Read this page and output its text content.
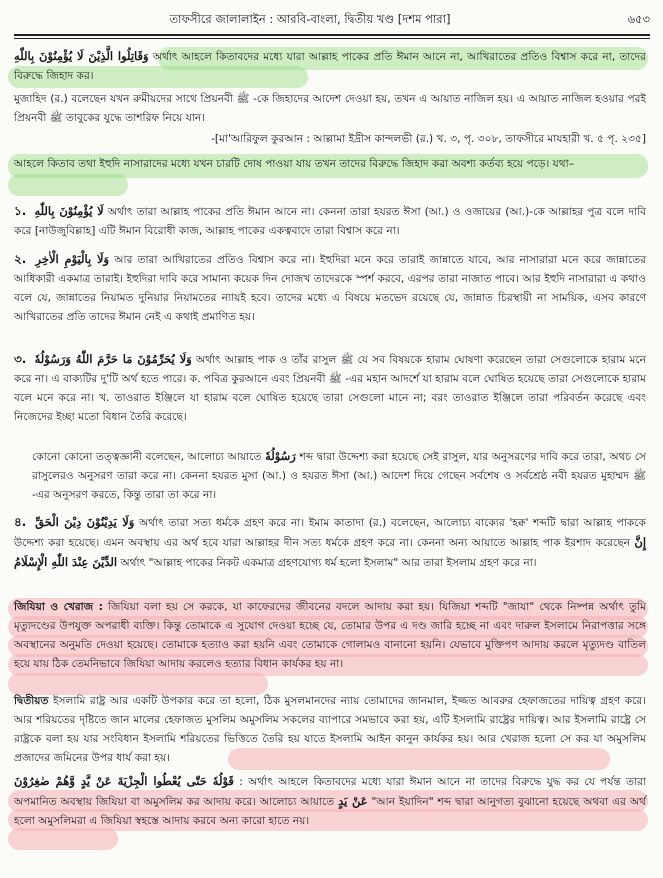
তাফসীরে জালালাইন : আরবি-বাংলা, দ্বিতীয় খণ্ড [দশম পারা]	৬৫৩

وَقَاتِلُوا الَّذِيْنَ لَا يُؤْمِنُوْنَ بِاللّٰهِ অর্থাৎ আহলে কিতাবদের মধ্যে যারা আল্লাহ পাকের প্রতি ঈমান আনে না, আখিরাতের প্রতিও বিশ্বাস করে না, তাদের বিরুদ্ধে জিহাদ কর।

মুজাহিদ (র.) বলেছেন যখন রুমীয়দের সাথে প্রিয়নবী ﷺ -কে জিহাদের আদেশ দেওয়া হয়, তখন এ আয়াত নাজিল হয়। এ আয়াত নাজিল হওয়ার পরই প্রিয়নবী ﷺ তাবুকের যুদ্ধে তাশরিফ নিয়ে যান।

-[মা'আরিফুল কুরআন : আল্লামা ইদ্রীস কান্দলভী (র.) খ. ৩, পৃ. ৩০৮, তাফসীরে মাযহারী খ. ৫ পৃ. ২৩৫]

আহলে কিতাব তথা ইহুদি নাসারাদের মধ্যে যখন চারটি দোষ পাওয়া যায় তখন তাদের বিরুদ্ধে জিহাদ করা অবশ্য কর্তব্য হয়ে পড়ে। যথা–

১. لَا يُؤْمِنُوْنَ بِاللّٰهِ অর্থাৎ তারা আল্লাহ পাকের প্রতি ঈমান আনে না। কেননা তারা হযরত ঈসা (আ.) ও ওজায়ের (আ.)-কে আল্লাহর পুত্র বলে দাবি করে [নাউজুবিল্লাহ] এটি ঈমান বিরোধী কাজ, আল্লাহ পাকের একত্ববাদে তারা বিশ্বাস করে না।

২. وَلَا بِالْيَوْمِ الْاٰخِرِ আর তারা আখিরাতের প্রতিও বিশ্বাস করে না। ইহুদিরা মনে করে তারাই জান্নাতে যাবে, আর নাসারারা মনে করে জান্নাতের আধিকারী একমাত্র তারাই। ইহুদিরা দাবি করে সামান্য কয়েক দিন দোজখ তাদেরকে স্পর্শ করবে, এরপর তারা নাজাত পাবে। আর ইহুদি নাসারারা এ কথাও বলে যে, জান্নাতের নিয়ামত দুনিয়ার নিয়ামতের ন্যায়ই হবে। তাদের মধ্যে এ বিষয়ে মতভেদ রয়েছে যে, জান্নাত চিরস্থায়ী না সাময়িক, এসব কারণে আখিরাতের প্রতি তাদের ঈমান নেই এ কথাই প্রমাণিত হয়।

৩. وَلَا يُحَرِّمُوْنَ مَا حَرَّمَ اللّٰهُ وَرَسُوْلُهٗ অর্থাৎ আল্লাহ পাক ও তাঁর রাসুল ﷺ যে সব বিষয়কে হারাম ঘোষণা করেছেন তারা সেগুলোকে হারাম মনে করে না। এ বাক্যটির দু'টি অর্থ হতে পারে। ক. পবিত্র কুরআনে এবং প্রিয়নবী ﷺ -এর মহান আদর্শে যা হারাম বলে ঘোষিত হয়েছে তারা সেগুলোকে হারাম বলে মনে করে না। খ. তাওরাত ইঞ্জিলে যা হারাম বলে ঘোষিত হয়েছে তারা সেগুলো মানে না; বরং তাওরাত ইঞ্জিলে তারা পরিবর্তন করেছে এবং নিজেদের ইচ্ছা মতো বিধান তৈরি করেছে।

কোনো কোনো তত্ত্বজ্ঞানী বলেছেন, আলোচ্য আয়াতে رَسُوْلُهٗ শব্দ দ্বারা উদ্দেশ্য করা হয়েছে সেই রাসুল, যার অনুসরণের দাবি করে তারা, অথচ সে রাসুলেরও অনুসরণ তারা করে না। কেননা হযরত মুসা (আ.) ও হযরত ঈসা (আ.) আদেশ দিয়ে গেছেন সর্বশেষ ও সর্বশ্রেষ্ঠ নবী হযরত মুহাম্মদ ﷺ -এর অনুসরণ করতে, কিন্তু তারা তা করে না।

৪. وَلَا يَدِيْنُوْنَ دِيْنَ الْحَقِّ অর্থাৎ তারা সত্য ধর্মকে গ্রহণ করে না। ইমাম কাতাদা (র.) বলেছেন, আলোচ্য বাক্যের 'হক্ব' শব্দটি দ্বারা আল্লাহ পাককে উদ্দেশ্য করা হয়েছে। এমন অবস্থায় এর অর্থ হবে যারা আল্লাহর দীন সত্য ধর্মকে গ্রহণ করে না। কেননা অন্য আয়াতে আল্লাহ পাক ইরশাদ করেছেন إِنَّ الدِّيْنَ عِنْدَ اللّٰهِ الْإِسْلَامُ অর্থাৎ "আল্লাহ পাকের নিকট একমাত্র গ্রহণযোগ্য ধর্ম হলো ইসলাম" আর তারা ইসলাম গ্রহণ করে না।

জিযিয়া ও খেরাজ : জিযিয়া বলা হয় সে করকে, যা কাফেরদের জীবনের বদলে আদায় করা হয়। যিজিয়া শব্দটি "জাযা" থেকে নিষ্পন্ন অর্থাৎ তুমি মৃত্যুদণ্ডের উপযুক্ত অপরাধী ব্যক্তি। কিন্তু তোমাকে এ সুযোগ দেওয়া হচ্ছে যে, তোমার উপর এ দণ্ড জারি হচ্ছে না এবং দারুল ইসলামে নিরাপত্তার সঙ্গে অবস্থানের অনুমতি দেওয়া হয়েছে। তোমাকে হত্যাও করা হয়নি এবং তোমাকে গোলামও বানানো হয়নি। যেভাবে মুক্তিপণ আদায় করলে মৃত্যুদণ্ড বাতিল হয়ে যায় ঠিক তেমনিভাবে জিযিয়া আদায় করলেও হত্যার বিধান কার্যকর হয় না।

দ্বিতীয়ত ইসলামি রাষ্ট্র আর একটি উপকার করে তা হলো, ঠিক মুসলমানদের ন্যায় তোমাদের জানমাল, ইজ্জত আবরুর হেফাজতের দায়িত্ব গ্রহণ করে। আর শরিয়তের দৃষ্টিতে জান মালের হেফাজত মুসলিম অমুসলিম সকলের ব্যাপারে সমভাবে করা হয়, এটি ইসলামি রাষ্ট্রের দায়িত্ব। আর ইসলামি রাষ্ট্রে সে রাষ্ট্রকে বলা হয় যার সংবিধান ইসলামি শরিয়তের ভিত্তিতে তৈরি হয় যাতে ইসলামি আইন কানুন কার্যকর হয়। আর খেরাজ হলো সে কর যা অমুসলিম প্রজাদের জমিনের উপর ধার্য করা হয়।

قَوْلُهٗ حَتّٰى يُعْطُوا الْجِزْيَةَ عَنْ يَّدٍ وَّهُمْ صٰغِرُوْنَ : অর্থাৎ আহলে কিতাবদের মধ্যে যারা ঈমান আনে না তাদের বিরুদ্ধে যুদ্ধ কর যে পর্যন্ত তারা অপমানিত অবস্থায় জিযিয়া বা অমুসলিম কর আদায় করে। আলোচ্য আয়াতে عَنْ يَدٍ "আন ইয়াদিন" শব্দ দ্বারা আনুগত্য বুঝানো হয়েছে অথবা এর অর্থ হলো অমুসলিমরা এ জিযিয়া স্বহস্তে আদায় করবে অন্য কারো হাতে নয়।
